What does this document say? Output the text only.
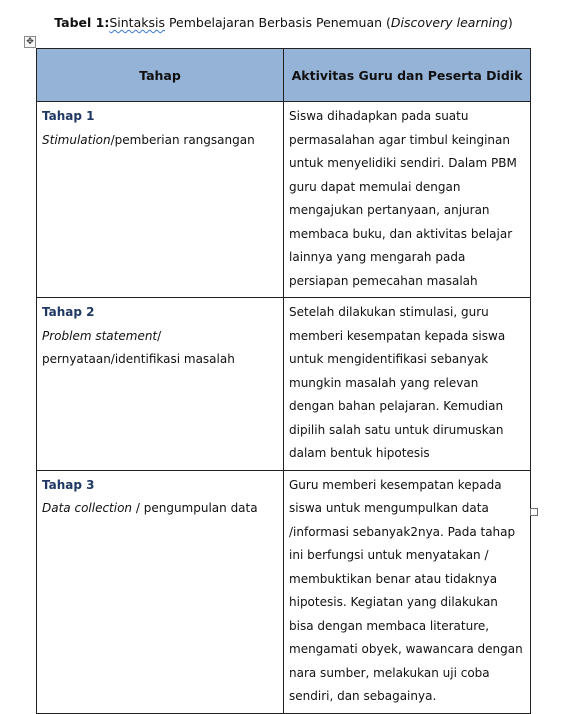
Tabel 1:Sintaksis Pembelajaran Berbasis Penemuan (Discovery learning)
✥
Tahap	Aktivitas Guru dan Peserta Didik

Tahap 1
Stimulation/pemberian rangsangan	Siswa dihadapkan pada suatu permasalahan agar timbul keinginan untuk menyelidiki sendiri. Dalam PBM guru dapat memulai dengan mengajukan pertanyaan, anjuran membaca buku, dan aktivitas belajar lainnya yang mengarah pada persiapan pemecahan masalah

Tahap 2
Problem statement/ pernyataan/identifikasi masalah	Setelah dilakukan stimulasi, guru memberi kesempatan kepada siswa untuk mengidentifikasi sebanyak mungkin masalah yang relevan dengan bahan pelajaran. Kemudian dipilih salah satu untuk dirumuskan dalam bentuk hipotesis

Tahap 3
Data collection / pengumpulan data	Guru memberi kesempatan kepada siswa untuk mengumpulkan data /informasi sebanyak2nya. Pada tahap ini berfungsi untuk menyatakan / membuktikan benar atau tidaknya hipotesis. Kegiatan yang dilakukan bisa dengan membaca literature, mengamati obyek, wawancara dengan nara sumber, melakukan uji coba sendiri, dan sebagainya.
